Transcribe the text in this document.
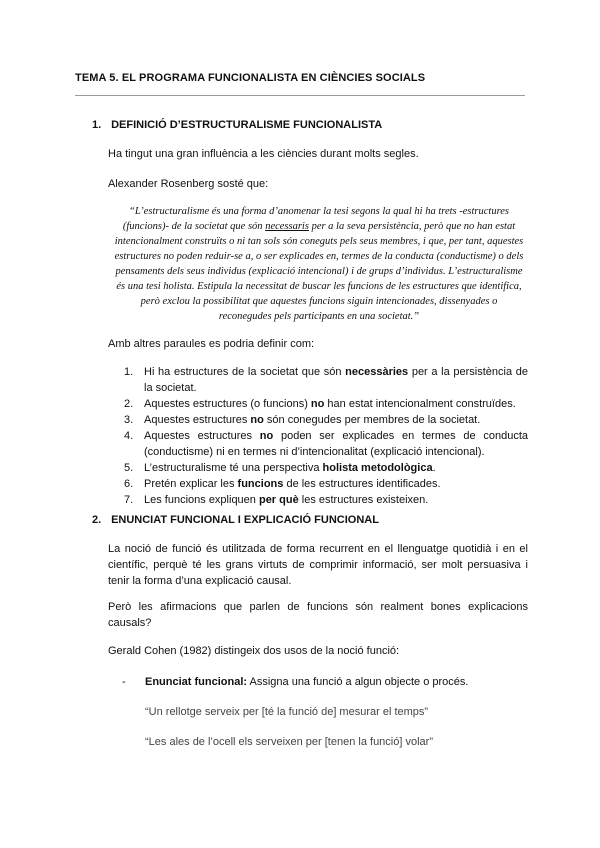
TEMA 5. EL PROGRAMA FUNCIONALISTA EN CIÈNCIES SOCIALS
1. DEFINICIÓ D’ESTRUCTURALISME FUNCIONALISTA
Ha tingut una gran influència a les ciències durant molts segles.
Alexander Rosenberg sosté que:
“L’estructuralisme és una forma d’anomenar la tesi segons la qual hi ha trets -estructures (funcions)- de la societat que són necessaris per a la seva persistència, però que no han estat intencionalment construïts o ni tan sols són coneguts pels seus membres, i que, per tant, aquestes estructures no poden reduir-se a, o ser explicades en, termes de la conducta (conductisme) o dels pensaments dels seus individus (explicació intencional) i de grups d’individus. L’estructuralisme és una tesi holista. Estipula la necessitat de buscar les funcions de les estructures que identifica, però exclou la possibilitat que aquestes funcions siguin intencionades, dissenyades o reconegudes pels participants en una societat.”
Amb altres paraules es podria definir com:
1. Hi ha estructures de la societat que són necessàries per a la persistència de la societat.
2. Aquestes estructures (o funcions) no han estat intencionalment construïdes.
3. Aquestes estructures no són conegudes per membres de la societat.
4. Aquestes estructures no poden ser explicades en termes de conducta (conductisme) ni en termes ni d’intencionalitat (explicació intencional).
5. L’estructuralisme té una perspectiva holista metodològica.
6. Pretén explicar les funcions de les estructures identificades.
7. Les funcions expliquen per què les estructures existeixen.
2. ENUNCIAT FUNCIONAL I EXPLICACIÓ FUNCIONAL
La noció de funció és utilitzada de forma recurrent en el llenguatge quotidià i en el científic, perquè té les grans virtuts de comprimir informació, ser molt persuasiva i tenir la forma d’una explicació causal.
Però les afirmacions que parlen de funcions són realment bones explicacions causals?
Gerald Cohen (1982) distingeix dos usos de la noció funció:
- Enunciat funcional: Assigna una funció a algun objecte o procés.
“Un rellotge serveix per [té la funció de] mesurar el temps”
“Les ales de l’ocell els serveixen per [tenen la funció] volar”
